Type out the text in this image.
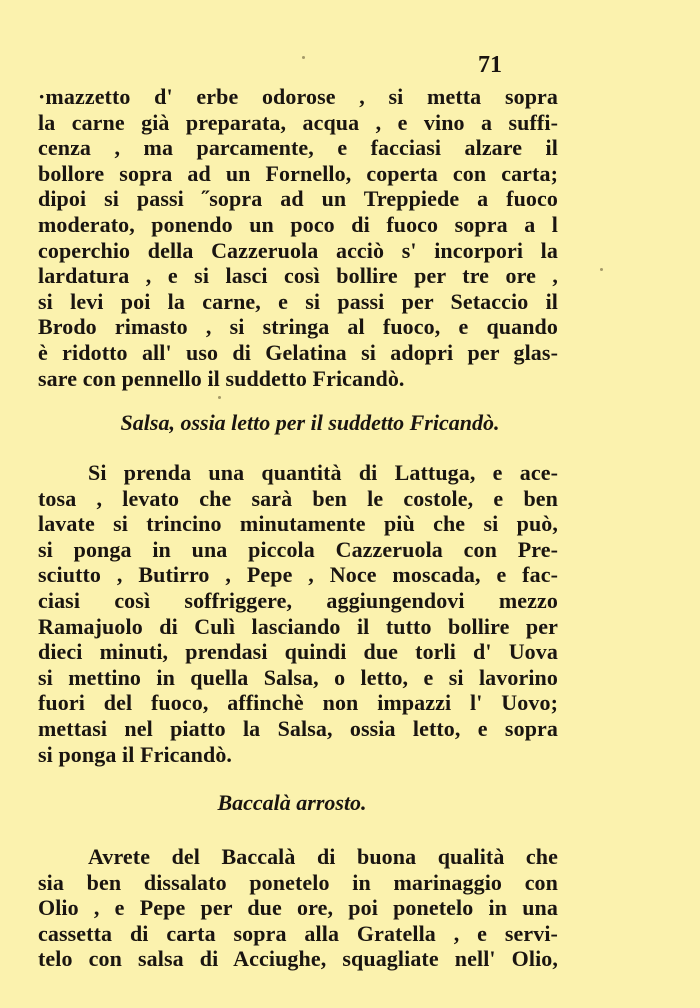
71
·mazzetto d' erbe odorose , si metta sopra
la carne già preparata, acqua , e vino a suffi-
cenza , ma parcamente, e facciasi alzare il
bollore sopra ad un Fornello, coperta con carta;
dipoi si passi ˝sopra ad un Treppiede a fuoco
moderato, ponendo un poco di fuoco sopra a l
coperchio della Cazzeruola acciò s' incorpori la
lardatura , e si lasci così bollire per tre ore ,
si levi poi la carne, e si passi per Setaccio il
Brodo rimasto , si stringa al fuoco, e quando
è ridotto all' uso di Gelatina si adopri per glas-
sare con pennello il suddetto Fricandò.
Salsa, ossia letto per il suddetto Fricandò.
Si prenda una quantità di Lattuga, e ace-
tosa , levato che sarà ben le costole, e ben
lavate si trincino minutamente più che si può,
si ponga in una piccola Cazzeruola con Pre-
sciutto , Butirro , Pepe , Noce moscada, e fac-
ciasi così soffriggere, aggiungendovi mezzo
Ramajuolo di Culì lasciando il tutto bollire per
dieci minuti, prendasi quindi due torli d' Uova
si mettino in quella Salsa, o letto, e si lavorino
fuori del fuoco, affinchè non impazzi l' Uovo;
mettasi nel piatto la Salsa, ossia letto, e sopra
si ponga il Fricandò.
Baccalà arrosto.
Avrete del Baccalà di buona qualità che
sia ben dissalato ponetelo in marinaggio con
Olio , e Pepe per due ore, poi ponetelo in una
cassetta di carta sopra alla Gratella , e servi-
telo con salsa di Acciughe, squagliate nell' Olio,
